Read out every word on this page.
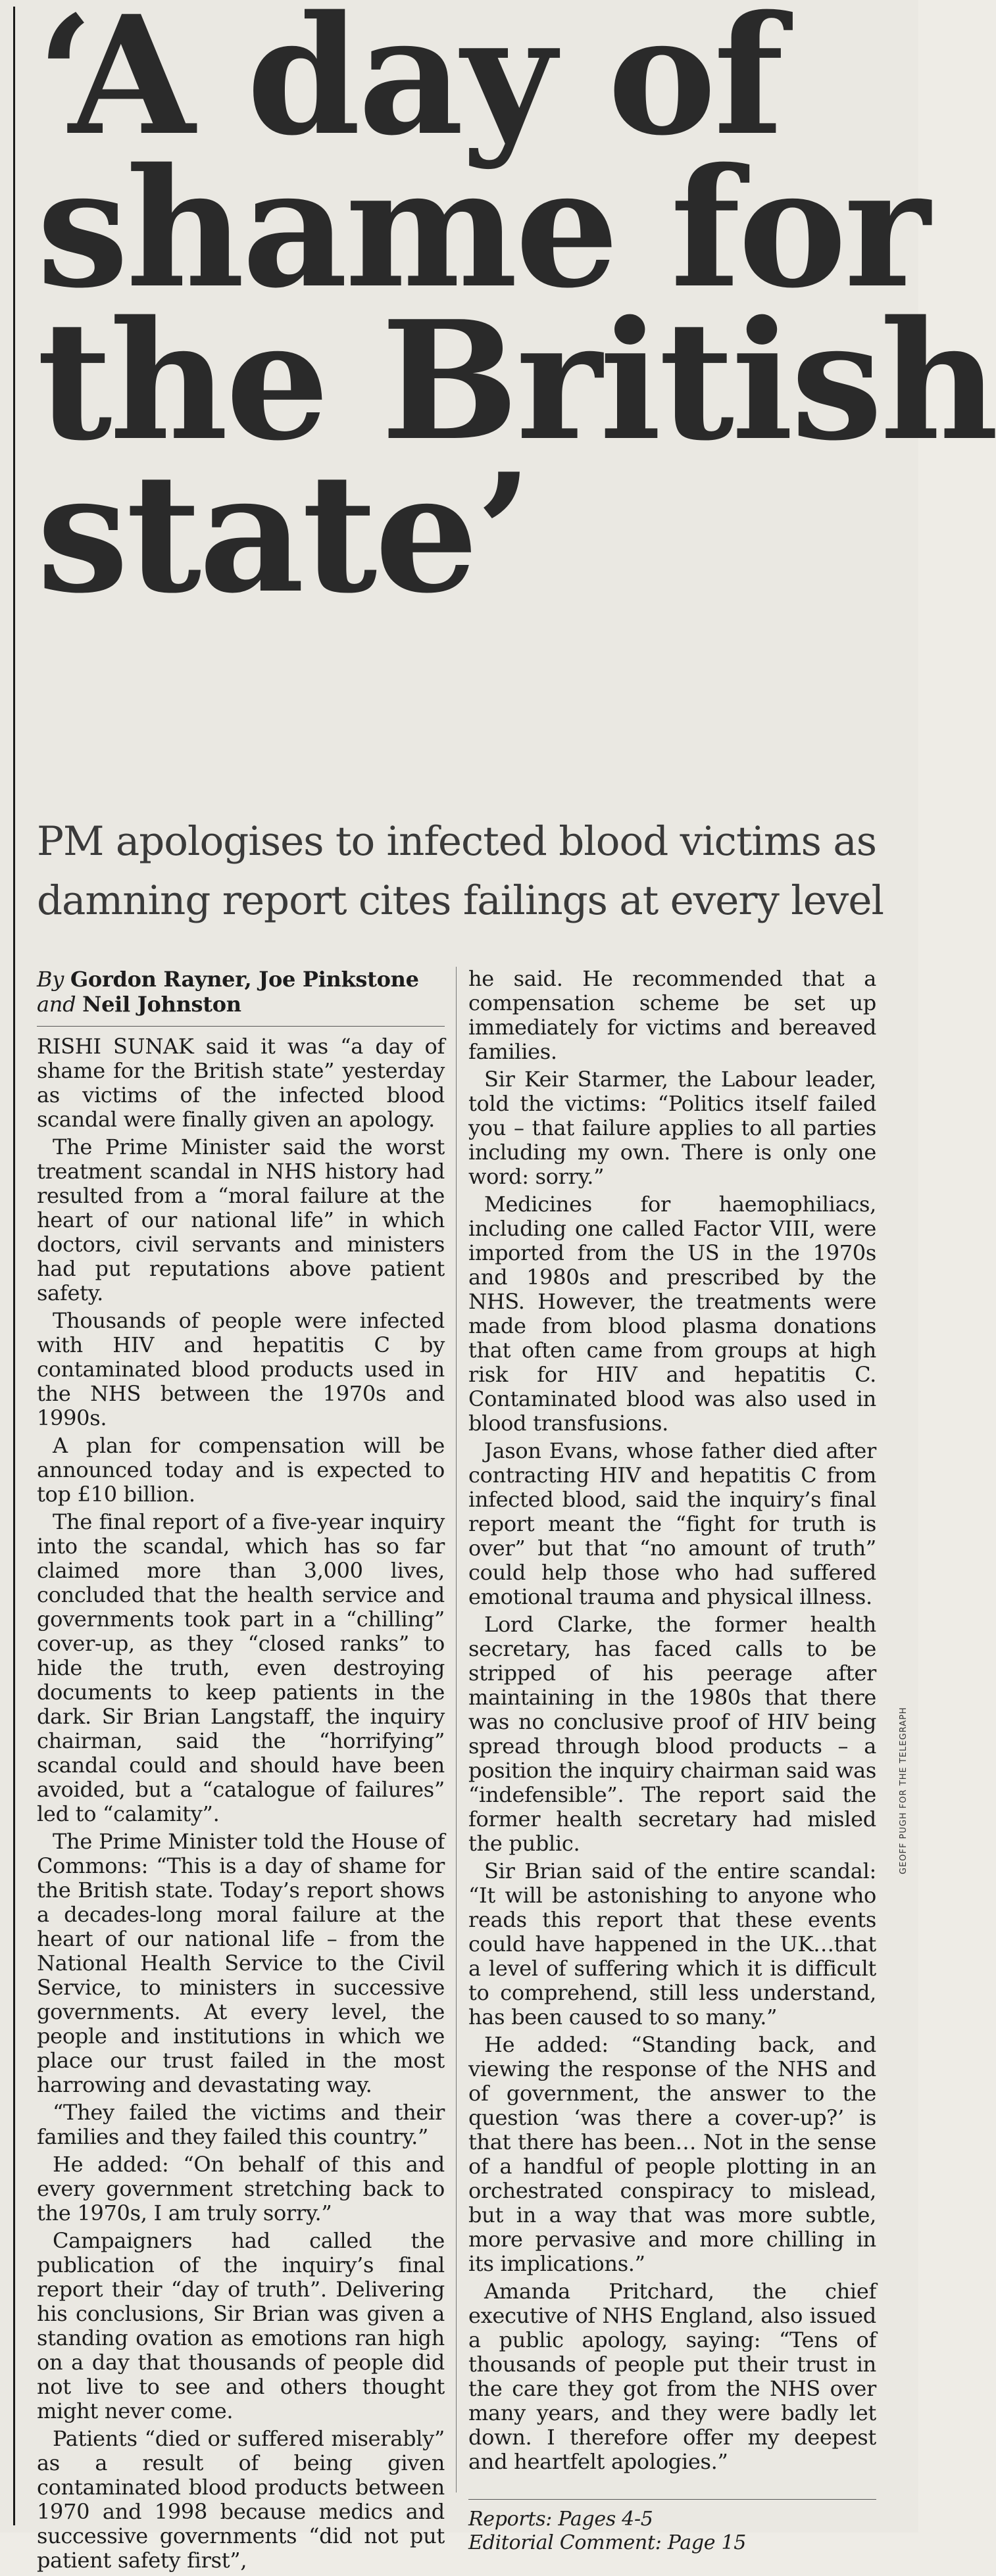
‘A day of
shame for
the British
state’
PM apologises to infected blood victims as
damning report cites failings at every level

By Gordon Rayner, Joe Pinkstone
and Neil Johnston

RISHI SUNAK said it was “a day of shame for the British state” yesterday as victims of the infected blood scandal were finally given an apology.

The Prime Minister said the worst treatment scandal in NHS history had resulted from a “moral failure at the heart of our national life” in which doctors, civil servants and ministers had put reputations above patient safety.

Thousands of people were infected with HIV and hepatitis C by contaminated blood products used in the NHS between the 1970s and 1990s.

A plan for compensation will be announced today and is expected to top £10 billion.

The final report of a five-year inquiry into the scandal, which has so far claimed more than 3,000 lives, concluded that the health service and governments took part in a “chilling” cover-up, as they “closed ranks” to hide the truth, even destroying documents to keep patients in the dark. Sir Brian Langstaff, the inquiry chairman, said the “horrifying” scandal could and should have been avoided, but a “catalogue of failures” led to “calamity”.

The Prime Minister told the House of Commons: “This is a day of shame for the British state. Today’s report shows a decades-long moral failure at the heart of our national life – from the National Health Service to the Civil Service, to ministers in successive governments. At every level, the people and institutions in which we place our trust failed in the most harrowing and devastating way.

“They failed the victims and their families and they failed this country.”

He added: “On behalf of this and every government stretching back to the 1970s, I am truly sorry.”

Campaigners had called the publication of the inquiry’s final report their “day of truth”. Delivering his conclusions, Sir Brian was given a standing ovation as emotions ran high on a day that thousands of people did not live to see and others thought might never come.

Patients “died or suffered miserably” as a result of being given contaminated blood products between 1970 and 1998 because medics and successive governments “did not put patient safety first”,

he said. He recommended that a compensation scheme be set up immediately for victims and bereaved families.

Sir Keir Starmer, the Labour leader, told the victims: “Politics itself failed you – that failure applies to all parties including my own. There is only one word: sorry.”

Medicines for haemophiliacs, including one called Factor VIII, were imported from the US in the 1970s and 1980s and prescribed by the NHS. However, the treatments were made from blood plasma donations that often came from groups at high risk for HIV and hepatitis C. Contaminated blood was also used in blood transfusions.

Jason Evans, whose father died after contracting HIV and hepatitis C from infected blood, said the inquiry’s final report meant the “fight for truth is over” but that “no amount of truth” could help those who had suffered emotional trauma and physical illness.

Lord Clarke, the former health secretary, has faced calls to be stripped of his peerage after maintaining in the 1980s that there was no conclusive proof of HIV being spread through blood products – a position the inquiry chairman said was “indefensible”. The report said the former health secretary had misled the public.

Sir Brian said of the entire scandal: “It will be astonishing to anyone who reads this report that these events could have happened in the UK…that a level of suffering which it is difficult to comprehend, still less understand, has been caused to so many.”

He added: “Standing back, and viewing the response of the NHS and of government, the answer to the question ‘was there a cover-up?’ is that there has been… Not in the sense of a handful of people plotting in an orchestrated conspiracy to mislead, but in a way that was more subtle, more pervasive and more chilling in its implications.”

Amanda Pritchard, the chief executive of NHS England, also issued a public apology, saying: “Tens of thousands of people put their trust in the care they got from the NHS over many years, and they were badly let down. I therefore offer my deepest and heartfelt apologies.”

Reports: Pages 4-5

Editorial Comment: Page 15

GEOFF PUGH FOR THE TELEGRAPH
